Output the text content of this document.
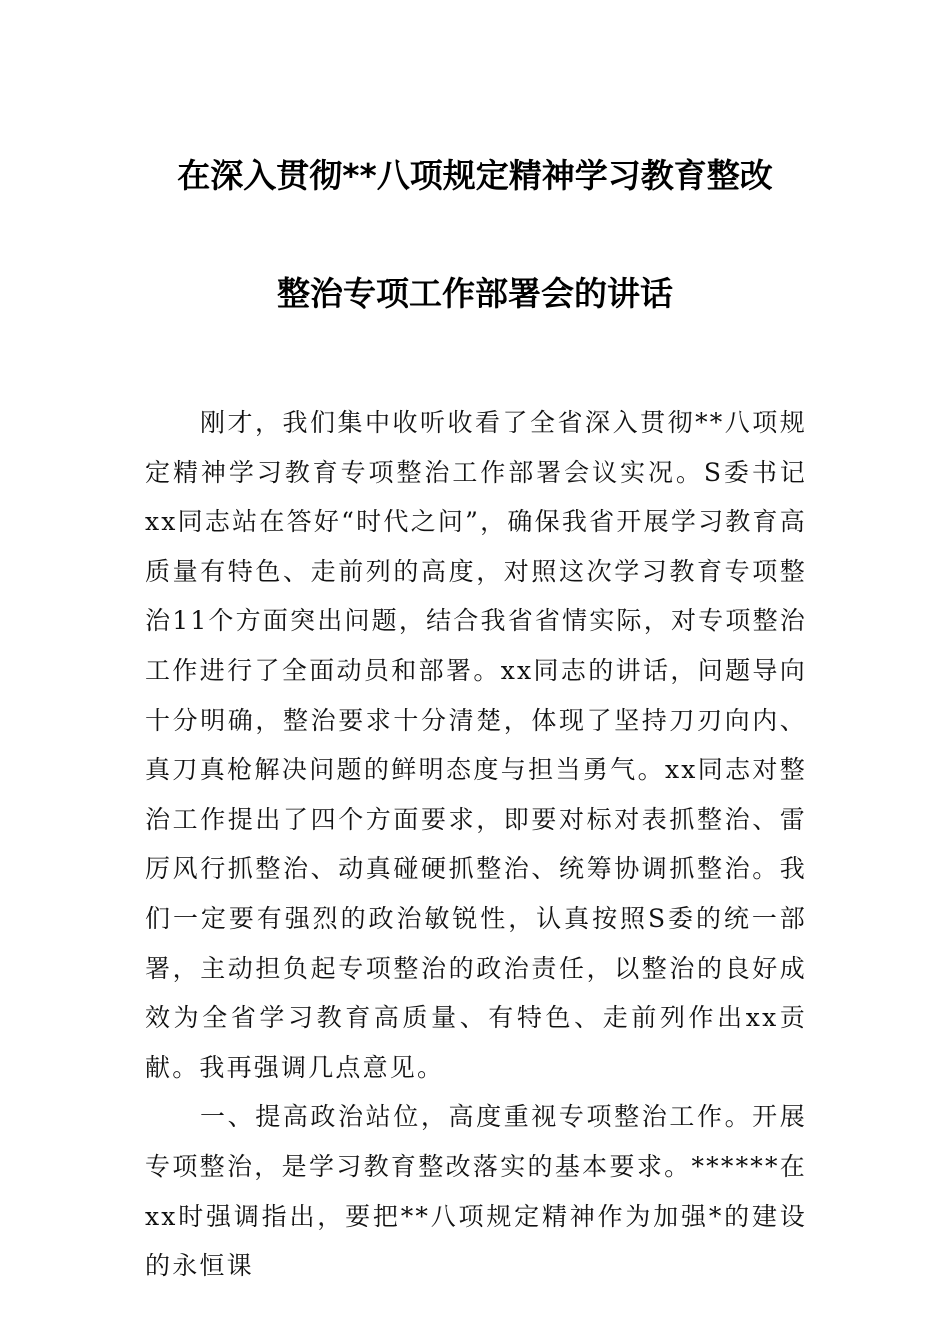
在深入贯彻**八项规定精神学习教育整改
整治专项工作部署会的讲话

刚才，我们集中收听收看了全省深入贯彻**八项规定精神学习教育专项整治工作部署会议实况。S委书记xx同志站在答好“时代之问”，确保我省开展学习教育高质量有特色、走前列的高度，对照这次学习教育专项整治11个方面突出问题，结合我省省情实际，对专项整治工作进行了全面动员和部署。xx同志的讲话，问题导向十分明确，整治要求十分清楚，体现了坚持刀刃向内、真刀真枪解决问题的鲜明态度与担当勇气。xx同志对整治工作提出了四个方面要求，即要对标对表抓整治、雷厉风行抓整治、动真碰硬抓整治、统筹协调抓整治。我们一定要有强烈的政治敏锐性，认真按照S委的统一部署，主动担负起专项整治的政治责任，以整治的良好成效为全省学习教育高质量、有特色、走前列作出xx贡献。我再强调几点意见。

一、提高政治站位，高度重视专项整治工作。开展专项整治，是学习教育整改落实的基本要求。******在xx时强调指出，要把**八项规定精神作为加强*的建设的永恒课
